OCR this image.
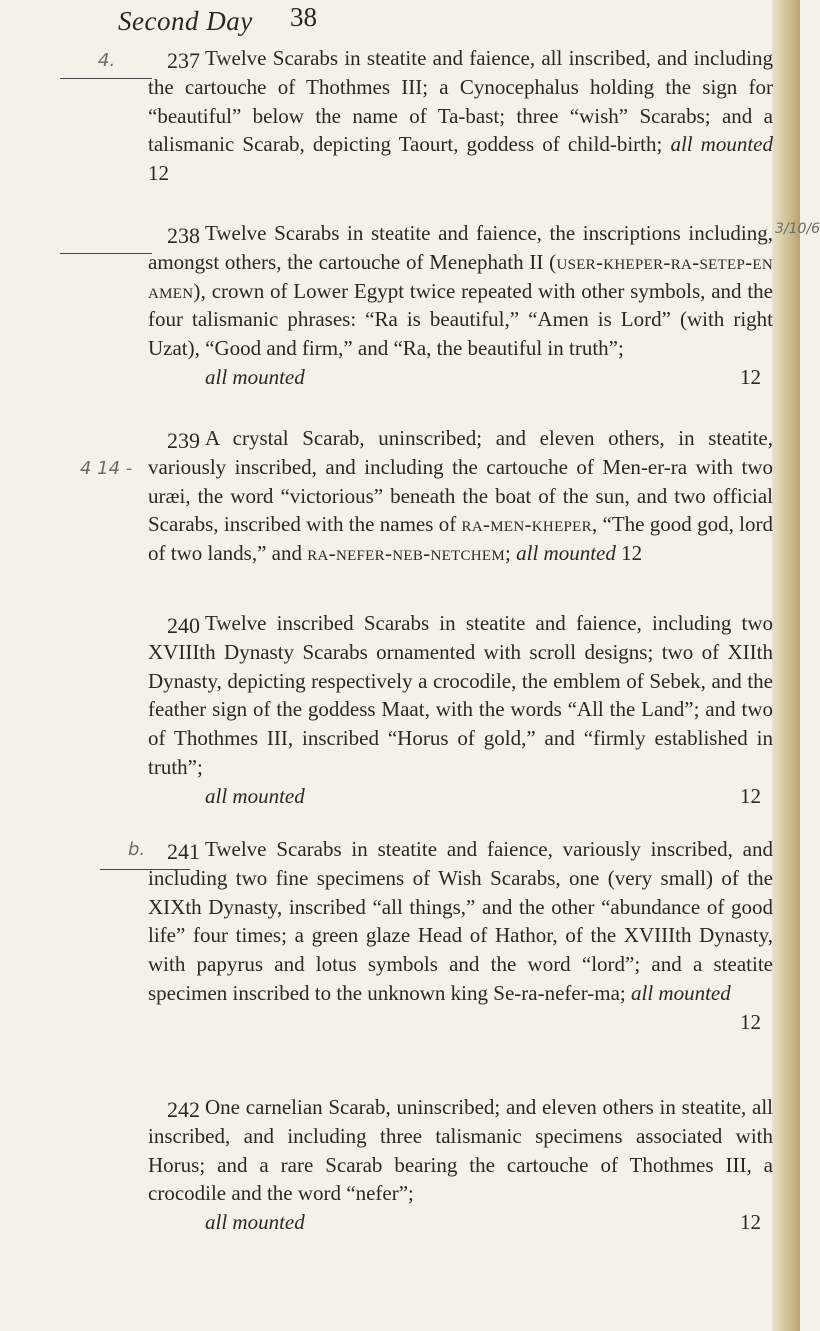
Second Day 38
4. 237 Twelve Scarabs in steatite and faience, all inscribed, and including the cartouche of Thothmes III; a Cynocephalus holding the sign for “beautiful” below the name of Ta-bast; three “wish” Scarabs; and a talismanic Scarab, depicting Taourt, goddess of child-birth; all mounted 12

3/10/6
238 Twelve Scarabs in steatite and faience, the inscriptions including, amongst others, the cartouche of Menephath II (user-kheper-ra-setep-en amen), crown of Lower Egypt twice repeated with other symbols, and the four talismanic phrases: “Ra is beautiful,” “Amen is Lord” (with right Uzat), “Good and firm,” and “Ra, the beautiful in truth”;

all mounted	12
4 14 -
239 A crystal Scarab, uninscribed; and eleven others, in steatite, variously inscribed, and including the cartouche of Men-er-ra with two uræi, the word “victorious” beneath the boat of the sun, and two official Scarabs, inscribed with the names of ra-men-kheper, “The good god, lord of two lands,” and ra-nefer-neb-netchem; all mounted 12

240 Twelve inscribed Scarabs in steatite and faience, including two XVIIIth Dynasty Scarabs ornamented with scroll designs; two of XIIth Dynasty, depicting respectively a crocodile, the emblem of Sebek, and the feather sign of the goddess Maat, with the words “All the Land”; and two of Thothmes III, inscribed “Horus of gold,” and “firmly established in truth”;

all mounted	12
b. 241 Twelve Scarabs in steatite and faience, variously inscribed, and including two fine specimens of Wish Scarabs, one (very small) of the XIXth Dynasty, inscribed “all things,” and the other “abundance of good life” four times; a green glaze Head of Hathor, of the XVIIIth Dynasty, with papyrus and lotus symbols and the word “lord”; and a steatite specimen inscribed to the unknown king Se-ra-nefer-ma; all mounted

12
242 One carnelian Scarab, uninscribed; and eleven others in steatite, all inscribed, and including three talismanic specimens associated with Horus; and a rare Scarab bearing the cartouche of Thothmes III, a crocodile and the word “nefer”;

all mounted	12
